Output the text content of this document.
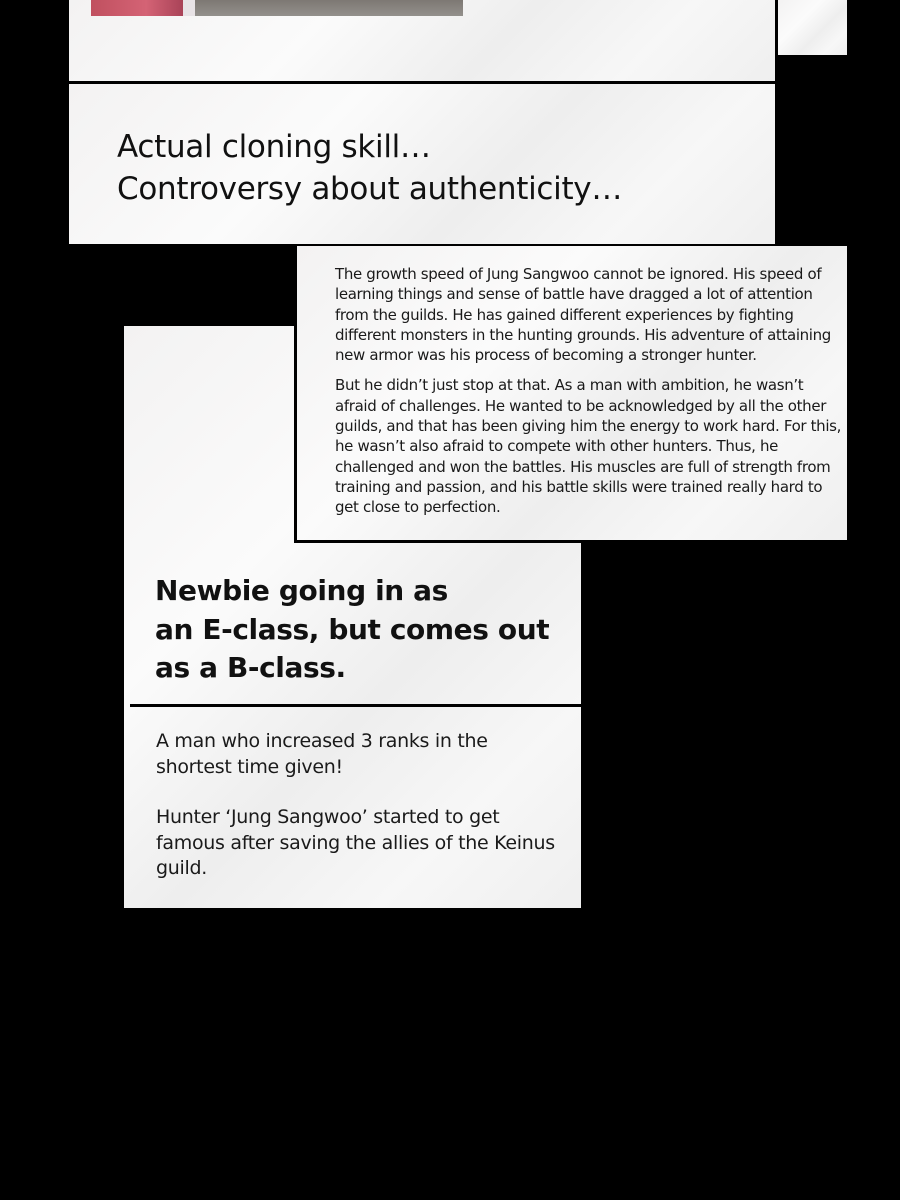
Actual cloning skill…
Controversy about authenticity…
Newbie going in as
an E-class, but comes out
as a B-class.

A man who increased 3 ranks in the shortest time given!

Hunter ‘Jung Sangwoo’ started to get famous after saving the allies of the Keinus guild.

The growth speed of Jung Sangwoo cannot be ignored. His speed of learning things and sense of battle have dragged a lot of attention from the guilds. He has gained different experiences by fighting different monsters in the hunting grounds. His adventure of attaining new armor was his process of becoming a stronger hunter.

But he didn’t just stop at that. As a man with ambition, he wasn’t afraid of challenges. He wanted to be acknowledged by all the other guilds, and that has been giving him the energy to work hard. For this, he wasn’t also afraid to compete with other hunters. Thus, he challenged and won the battles. His muscles are full of strength from training and passion, and his battle skills were trained really hard to get close to perfection.
